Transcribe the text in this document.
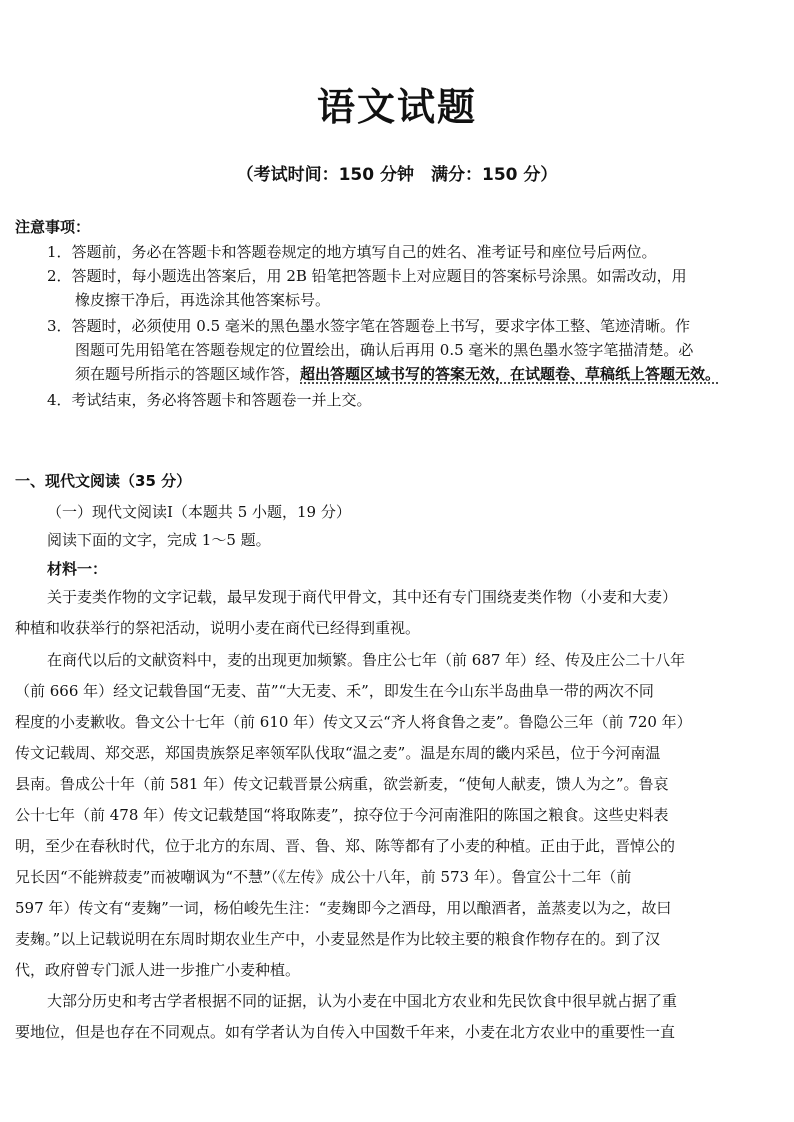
语文试题
（考试时间：150 分钟　满分：150 分）
注意事项：
1．答题前，务必在答题卡和答题卷规定的地方填写自己的姓名、准考证号和座位号后两位。
2．答题时，每小题选出答案后，用 2B 铅笔把答题卡上对应题目的答案标号涂黑。如需改动，用
橡皮擦干净后，再选涂其他答案标号。
3．答题时，必须使用 0.5 毫米的黑色墨水签字笔在答题卷上书写，要求字体工整、笔迹清晰。作
图题可先用铅笔在答题卷规定的位置绘出，确认后再用 0.5 毫米的黑色墨水签字笔描清楚。必
须在题号所指示的答题区域作答，超出答题区域书写的答案无效，在试题卷、草稿纸上答题无效。
4．考试结束，务必将答题卡和答题卷一并上交。
一、现代文阅读（35 分）
（一）现代文阅读Ⅰ（本题共 5 小题，19 分）
阅读下面的文字，完成 1～5 题。
材料一：
关于麦类作物的文字记载，最早发现于商代甲骨文，其中还有专门围绕麦类作物（小麦和大麦）
种植和收获举行的祭祀活动，说明小麦在商代已经得到重视。
在商代以后的文献资料中，麦的出现更加频繁。鲁庄公七年（前 687 年）经、传及庄公二十八年
（前 666 年）经文记载鲁国“无麦、苗”“大无麦、禾”，即发生在今山东半岛曲阜一带的两次不同
程度的小麦歉收。鲁文公十七年（前 610 年）传文又云“齐人将食鲁之麦”。鲁隐公三年（前 720 年）
传文记载周、郑交恶，郑国贵族祭足率领军队伐取“温之麦”。温是东周的畿内采邑，位于今河南温
县南。鲁成公十年（前 581 年）传文记载晋景公病重，欲尝新麦，“使甸人献麦，馈人为之”。鲁哀
公十七年（前 478 年）传文记载楚国“将取陈麦”，掠夺位于今河南淮阳的陈国之粮食。这些史料表
明，至少在春秋时代，位于北方的东周、晋、鲁、郑、陈等都有了小麦的种植。正由于此，晋悼公的
兄长因“不能辨菽麦”而被嘲讽为“不慧”（《左传》成公十八年，前 573 年）。鲁宣公十二年（前
597 年）传文有“麦麹”一词，杨伯峻先生注：“麦麹即今之酒母，用以酿酒者，盖蒸麦以为之，故曰
麦麹。”以上记载说明在东周时期农业生产中，小麦显然是作为比较主要的粮食作物存在的。到了汉
代，政府曾专门派人进一步推广小麦种植。
大部分历史和考古学者根据不同的证据，认为小麦在中国北方农业和先民饮食中很早就占据了重
要地位，但是也存在不同观点。如有学者认为自传入中国数千年来，小麦在北方农业中的重要性一直
